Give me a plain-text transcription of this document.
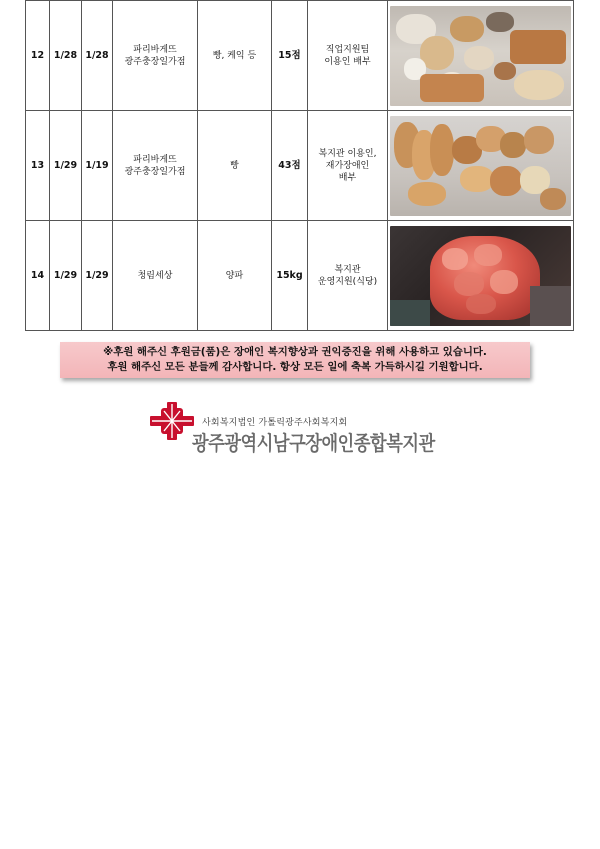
12	1/28	1/28	파리바게뜨
광주충장일가점	빵, 케익 등	15점	직업지원팀
이용인 배부	

13	1/29	1/19	파리바게뜨
광주충장일가점	빵	43점	복지관 이용인,
재가장애인
배부	

14	1/29	1/29	청림세상	양파	15kg	복지관
운영지원(식당)	
※후원 해주신 후원금(품)은 장애인 복지향상과 권익증진을 위해 사용하고 있습니다.
후원 해주신 모든 분들께 감사합니다. 항상 모든 일에 축복 가득하시길 기원합니다.
사회복지법인 가톨릭광주사회복지회
광주광역시남구장애인종합복지관
